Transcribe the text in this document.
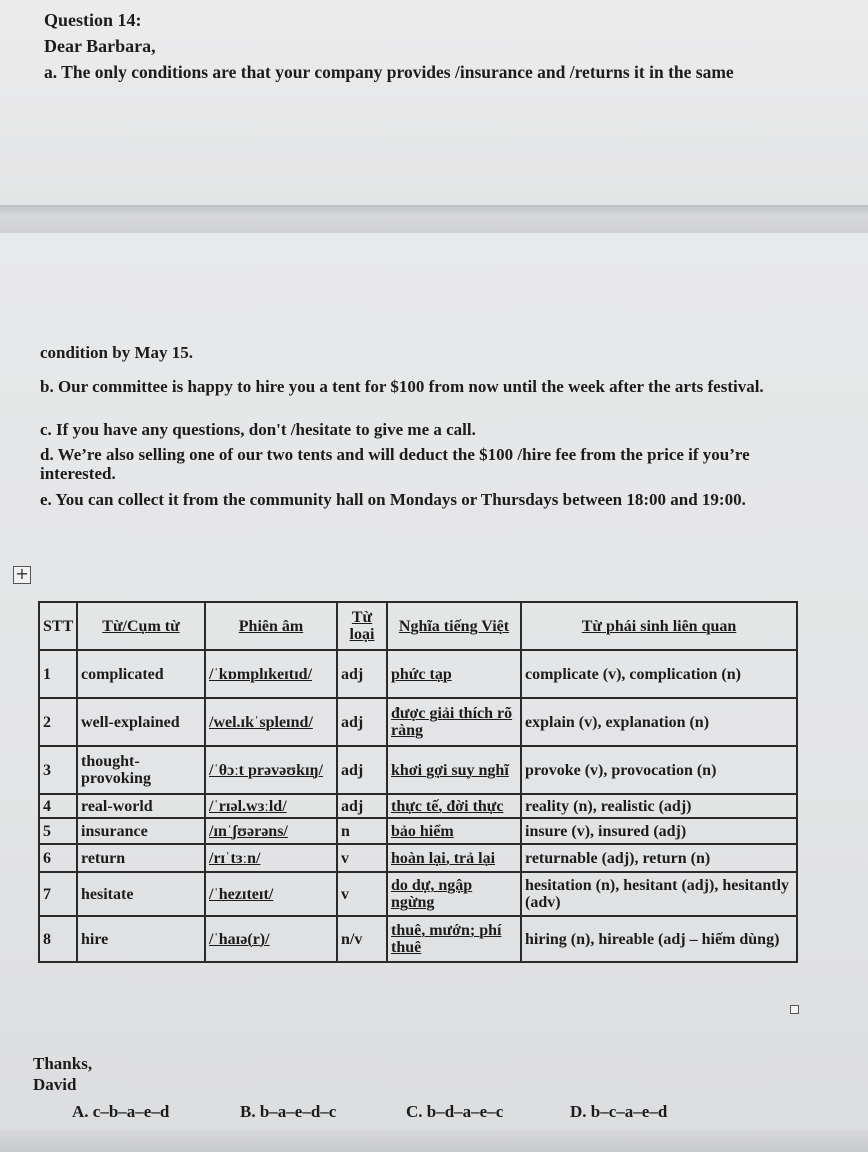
Question 14:
Dear Barbara,
a. The only conditions are that your company provides /insurance and /returns it in the same
condition by May 15.
b. Our committee is happy to hire you a tent for $100 from now until the week after the arts festival.
c. If you have any questions, don't /hesitate to give me a call.
d. We’re also selling one of our two tents and will deduct the $100 /hire fee from the price if you’re interested.
e. You can collect it from the community hall on Mondays or Thursdays between 18:00 and 19:00.
+
STT	Từ/Cụm từ	Phiên âm	Từ loại	Nghĩa tiếng Việt	Từ phái sinh liên quan
1	complicated	/ˈkɒmplɪkeɪtɪd/	adj	phức tạp	complicate (v), complication (n)
2	well-explained	/wel.ɪkˈspleɪnd/	adj	được giải thích rõ ràng	explain (v), explanation (n)
3	thought-provoking	/ˈθɔːt prəvəʊkɪŋ/	adj	khơi gợi suy nghĩ	provoke (v), provocation (n)
4	real-world	/ˈrɪəl.wɜːld/	adj	thực tế, đời thực	reality (n), realistic (adj)
5	insurance	/ɪnˈʃʊərəns/	n	bảo hiểm	insure (v), insured (adj)
6	return	/rɪˈtɜːn/	v	hoàn lại, trả lại	returnable (adj), return (n)
7	hesitate	/ˈhezɪteɪt/	v	do dự, ngập ngừng	hesitation (n), hesitant (adj), hesitantly (adv)
8	hire	/ˈhaɪə(r)/	n/v	thuê, mướn; phí thuê	hiring (n), hireable (adj – hiếm dùng)
Thanks,
David
A. c–b–a–e–d	B. b–a–e–d–c	C. b–d–a–e–c	D. b–c–a–e–d
